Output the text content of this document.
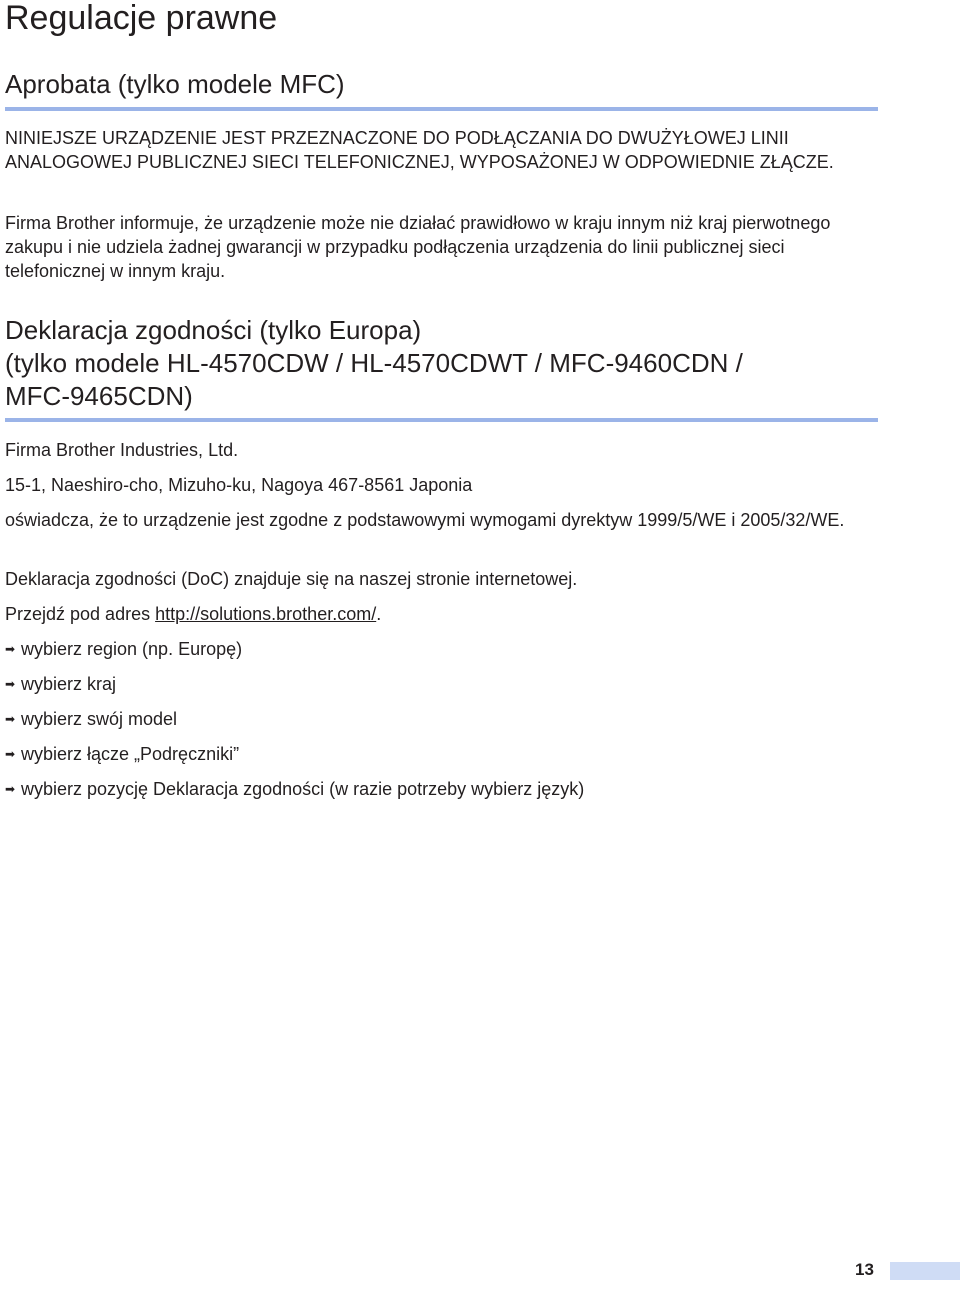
Regulacje prawne
Aprobata (tylko modele MFC)

NINIEJSZE URZĄDZENIE JEST PRZEZNACZONE DO PODŁĄCZANIA DO DWUŻYŁOWEJ LINII ANALOGOWEJ PUBLICZNEJ SIECI TELEFONICZNEJ, WYPOSAŻONEJ W ODPOWIEDNIE ZŁĄCZE.

Firma Brother informuje, że urządzenie może nie działać prawidłowo w kraju innym niż kraj pierwotnego zakupu i nie udziela żadnej gwarancji w przypadku podłączenia urządzenia do linii publicznej sieci telefonicznej w innym kraju.

Deklaracja zgodności (tylko Europa)
(tylko modele HL-4570CDW / HL-4570CDWT / MFC-9460CDN /
MFC-9465CDN)

Firma Brother Industries, Ltd.

15-1, Naeshiro-cho, Mizuho-ku, Nagoya 467-8561 Japonia

oświadcza, że to urządzenie jest zgodne z podstawowymi wymogami dyrektyw 1999/5/WE i 2005/32/WE.

Deklaracja zgodności (DoC) znajduje się na naszej stronie internetowej.

Przejdź pod adres http://solutions.brother.com/.

➡ wybierz region (np. Europę)

➡ wybierz kraj

➡ wybierz swój model

➡ wybierz łącze „Podręczniki”

➡ wybierz pozycję Deklaracja zgodności (w razie potrzeby wybierz język)

13
